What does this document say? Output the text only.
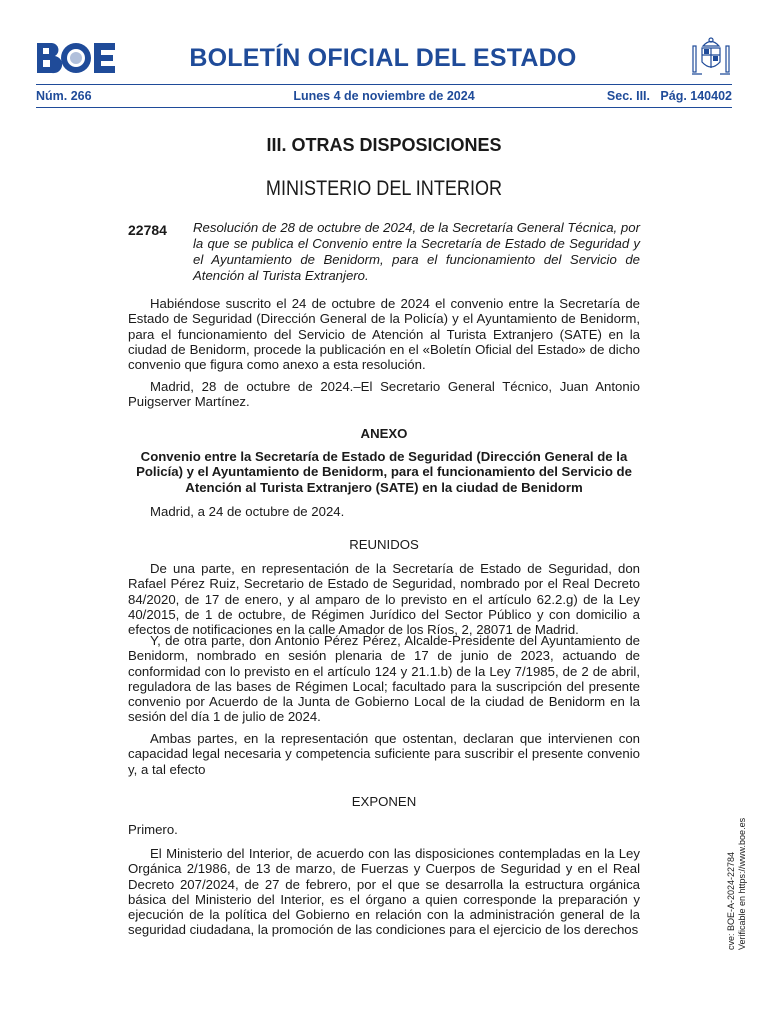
BOLETÍN OFICIAL DEL ESTADO
Núm. 266	Lunes 4 de noviembre de 2024	Sec. III.   Pág. 140402
III. OTRAS DISPOSICIONES
MINISTERIO DEL INTERIOR
22784 Resolución de 28 de octubre de 2024, de la Secretaría General Técnica, por la que se publica el Convenio entre la Secretaría de Estado de Seguridad y el Ayuntamiento de Benidorm, para el funcionamiento del Servicio de Atención al Turista Extranjero.
Habiéndose suscrito el 24 de octubre de 2024 el convenio entre la Secretaría de Estado de Seguridad (Dirección General de la Policía) y el Ayuntamiento de Benidorm, para el funcionamiento del Servicio de Atención al Turista Extranjero (SATE) en la ciudad de Benidorm, procede la publicación en el «Boletín Oficial del Estado» de dicho convenio que figura como anexo a esta resolución.
Madrid, 28 de octubre de 2024.–El Secretario General Técnico, Juan Antonio Puigserver Martínez.
ANEXO
Convenio entre la Secretaría de Estado de Seguridad (Dirección General de la Policía) y el Ayuntamiento de Benidorm, para el funcionamiento del Servicio de Atención al Turista Extranjero (SATE) en la ciudad de Benidorm
Madrid, a 24 de octubre de 2024.
REUNIDOS
De una parte, en representación de la Secretaría de Estado de Seguridad, don Rafael Pérez Ruiz, Secretario de Estado de Seguridad, nombrado por el Real Decreto 84/2020, de 17 de enero, y al amparo de lo previsto en el artículo 62.2.g) de la Ley 40/2015, de 1 de octubre, de Régimen Jurídico del Sector Público y con domicilio a efectos de notificaciones en la calle Amador de los Ríos, 2, 28071 de Madrid.
Y, de otra parte, don Antonio Pérez Pérez, Alcalde-Presidente del Ayuntamiento de Benidorm, nombrado en sesión plenaria de 17 de junio de 2023, actuando de conformidad con lo previsto en el artículo 124 y 21.1.b) de la Ley 7/1985, de 2 de abril, reguladora de las bases de Régimen Local; facultado para la suscripción del presente convenio por Acuerdo de la Junta de Gobierno Local de la ciudad de Benidorm en la sesión del día 1 de julio de 2024.
Ambas partes, en la representación que ostentan, declaran que intervienen con capacidad legal necesaria y competencia suficiente para suscribir el presente convenio y, a tal efecto
EXPONEN
Primero.
El Ministerio del Interior, de acuerdo con las disposiciones contempladas en la Ley Orgánica 2/1986, de 13 de marzo, de Fuerzas y Cuerpos de Seguridad y en el Real Decreto 207/2024, de 27 de febrero, por el que se desarrolla la estructura orgánica básica del Ministerio del Interior, es el órgano a quien corresponde la preparación y ejecución de la política del Gobierno en relación con la administración general de la seguridad ciudadana, la promoción de las condiciones para el ejercicio de los derechos	cve: BOE-A-2024-22784 Verificable en https://www.boe.es
